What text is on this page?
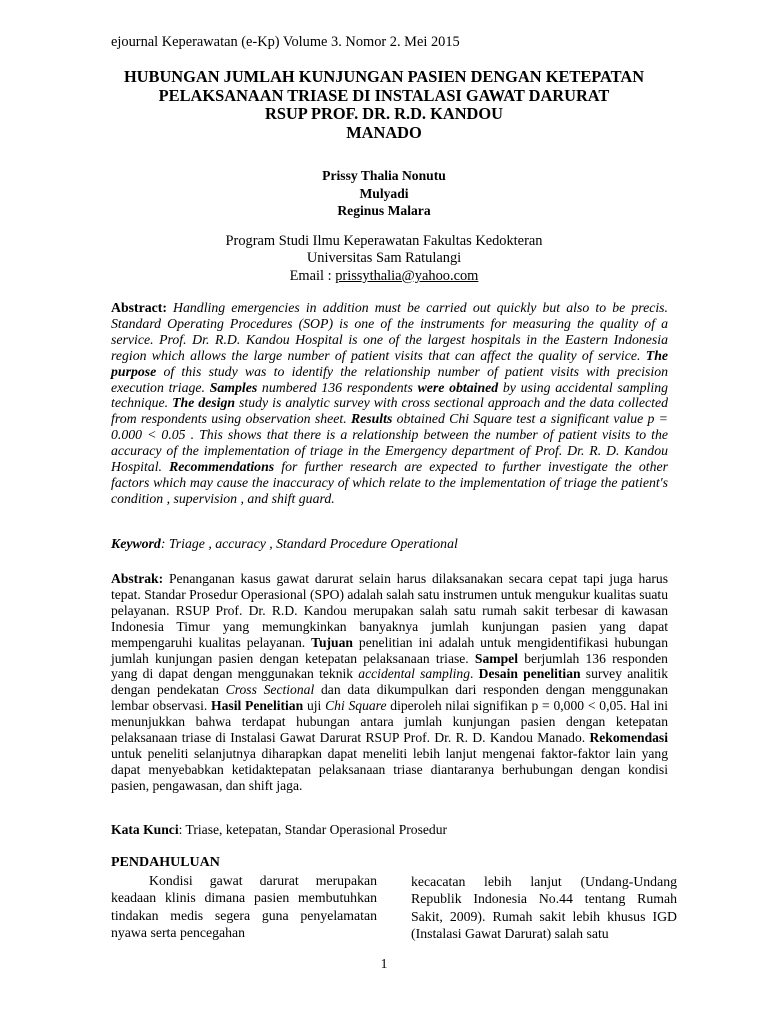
ejournal Keperawatan (e-Kp) Volume 3. Nomor 2. Mei 2015
HUBUNGAN JUMLAH KUNJUNGAN PASIEN DENGAN KETEPATAN
PELAKSANAAN TRIASE DI INSTALASI GAWAT DARURAT
RSUP PROF. DR. R.D. KANDOU
MANADO
Prissy Thalia Nonutu
Mulyadi
Reginus Malara
Program Studi Ilmu Keperawatan Fakultas Kedokteran
Universitas Sam Ratulangi
Email : prissythalia@yahoo.com
Abstract: Handling emergencies in addition must be carried out quickly but also to be precis. Standard Operating Procedures (SOP) is one of the instruments for measuring the quality of a service. Prof. Dr. R.D. Kandou Hospital is one of the largest hospitals in the Eastern Indonesia region which allows the large number of patient visits that can affect the quality of service. The purpose of this study was to identify the relationship number of patient visits with precision execution triage. Samples numbered 136 respondents were obtained by using accidental sampling technique. The design study is analytic survey with cross sectional approach and the data collected from respondents using observation sheet. Results obtained Chi Square test a significant value p = 0.000 < 0.05 . This shows that there is a relationship between the number of patient visits to the accuracy of the implementation of triage in the Emergency department of Prof. Dr. R. D. Kandou Hospital. Recommendations for further research are expected to further investigate the other factors which may cause the inaccuracy of which relate to the implementation of triage the patient's condition , supervision , and shift guard.
Keyword: Triage , accuracy , Standard Procedure Operational
Abstrak: Penanganan kasus gawat darurat selain harus dilaksanakan secara cepat tapi juga harus tepat. Standar Prosedur Operasional (SPO) adalah salah satu instrumen untuk mengukur kualitas suatu pelayanan. RSUP Prof. Dr. R.D. Kandou merupakan salah satu rumah sakit terbesar di kawasan Indonesia Timur yang memungkinkan banyaknya jumlah kunjungan pasien yang dapat mempengaruhi kualitas pelayanan. Tujuan penelitian ini adalah untuk mengidentifikasi hubungan jumlah kunjungan pasien dengan ketepatan pelaksanaan triase. Sampel berjumlah 136 responden yang di dapat dengan menggunakan teknik accidental sampling. Desain penelitian survey analitik dengan pendekatan Cross Sectional dan data dikumpulkan dari responden dengan menggunakan lembar observasi. Hasil Penelitian uji Chi Square diperoleh nilai signifikan p = 0,000 < 0,05. Hal ini menunjukkan bahwa terdapat hubungan antara jumlah kunjungan pasien dengan ketepatan pelaksanaan triase di Instalasi Gawat Darurat RSUP Prof. Dr. R. D. Kandou Manado. Rekomendasi untuk peneliti selanjutnya diharapkan dapat meneliti lebih lanjut mengenai faktor-faktor lain yang dapat menyebabkan ketidaktepatan pelaksanaan triase diantaranya berhubungan dengan kondisi pasien, pengawasan, dan shift jaga.
Kata Kunci: Triase, ketepatan, Standar Operasional Prosedur
PENDAHULUAN

Kondisi gawat darurat merupakan keadaan klinis dimana pasien membutuhkan tindakan medis segera guna penyelamatan nyawa serta pencegahan

kecacatan lebih lanjut (Undang-Undang Republik Indonesia No.44 tentang Rumah Sakit, 2009). Rumah sakit lebih khusus IGD (Instalasi Gawat Darurat) salah satu

1
